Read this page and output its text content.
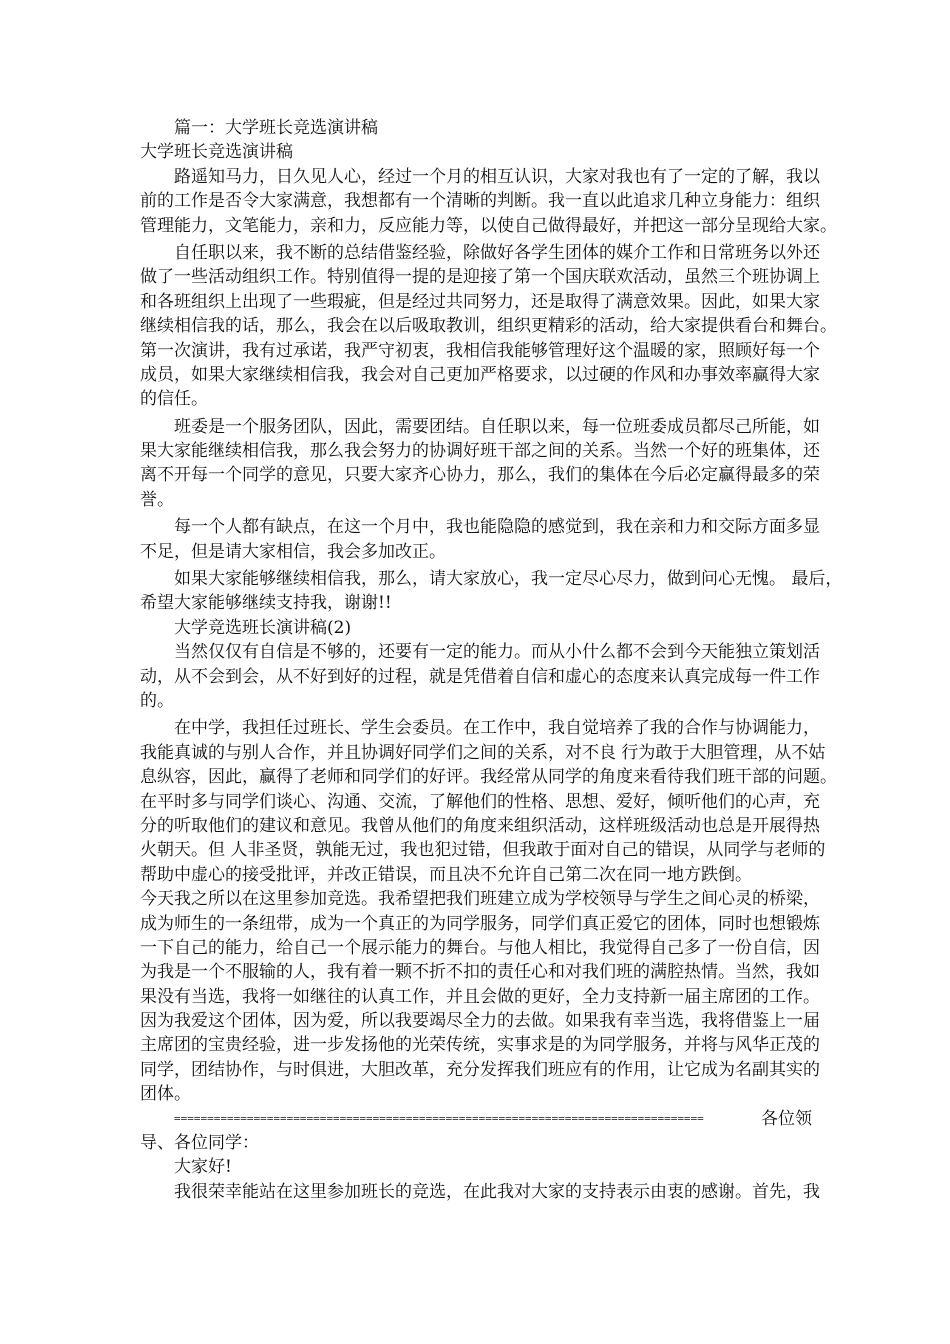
篇一：大学班长竞选演讲稿
大学班长竞选演讲稿
路遥知马力，日久见人心，经过一个月的相互认识，大家对我也有了一定的了解，我以
前的工作是否令大家满意，我想都有一个清晰的判断。我一直以此追求几种立身能力：组织
管理能力，文笔能力，亲和力，反应能力等，以使自己做得最好，并把这一部分呈现给大家。
自任职以来，我不断的总结借鉴经验，除做好各学生团体的媒介工作和日常班务以外还
做了一些活动组织工作。特别值得一提的是迎接了第一个国庆联欢活动，虽然三个班协调上
和各班组织上出现了一些瑕疵，但是经过共同努力，还是取得了满意效果。因此，如果大家
继续相信我的话，那么，我会在以后吸取教训，组织更精彩的活动，给大家提供看台和舞台。
第一次演讲，我有过承诺，我严守初衷，我相信我能够管理好这个温暖的家，照顾好每一个
成员，如果大家继续相信我，我会对自己更加严格要求，以过硬的作风和办事效率赢得大家
的信任。
班委是一个服务团队，因此，需要团结。自任职以来，每一位班委成员都尽己所能，如
果大家能继续相信我，那么我会努力的协调好班干部之间的关系。当然一个好的班集体，还
离不开每一个同学的意见，只要大家齐心协力，那么，我们的集体在今后必定赢得最多的荣
誉。
每一个人都有缺点，在这一个月中，我也能隐隐的感觉到，我在亲和力和交际方面多显
不足，但是请大家相信，我会多加改正。
如果大家能够继续相信我，那么，请大家放心，我一定尽心尽力，做到问心无愧。 最后，
希望大家能够继续支持我，谢谢!!
大学竞选班长演讲稿(2)
当然仅仅有自信是不够的，还要有一定的能力。而从小什么都不会到今天能独立策划活
动，从不会到会，从不好到好的过程，就是凭借着自信和虚心的态度来认真完成每一件工作
的。
在中学，我担任过班长、学生会委员。在工作中，我自觉培养了我的合作与协调能力，
我能真诚的与别人合作，并且协调好同学们之间的关系，对不良 行为敢于大胆管理，从不姑
息纵容，因此，赢得了老师和同学们的好评。我经常从同学的角度来看待我们班干部的问题。
在平时多与同学们谈心、沟通、交流，了解他们的性格、思想、爱好，倾听他们的心声，充
分的听取他们的建议和意见。我曾从他们的角度来组织活动，这样班级活动也总是开展得热
火朝天。但 人非圣贤，孰能无过，我也犯过错，但我敢于面对自己的错误，从同学与老师的
帮助中虚心的接受批评，并改正错误，而且决不允许自己第二次在同一地方跌倒。
今天我之所以在这里参加竞选。我希望把我们班建立成为学校领导与学生之间心灵的桥梁，
成为师生的一条纽带，成为一个真正的为同学服务，同学们真正爱它的团体，同时也想锻炼
一下自己的能力，给自己一个展示能力的舞台。与他人相比，我觉得自己多了一份自信，因
为我是一个不服输的人，我有着一颗不折不扣的责任心和对我们班的满腔热情。当然，我如
果没有当选，我将一如继往的认真工作，并且会做的更好，全力支持新一届主席团的工作。
因为我爱这个团体，因为爱，所以我要竭尽全力的去做。如果我有幸当选，我将借鉴上一届
主席团的宝贵经验，进一步发扬他的光荣传统，实事求是的为同学服务，并将与风华正茂的
同学，团结协作，与时俱进，大胆改革，充分发挥我们班应有的作用，让它成为名副其实的
团体。
================================================================================	各位领
导、各位同学：
大家好!
我很荣幸能站在这里参加班长的竞选，在此我对大家的支持表示由衷的感谢。首先，我
